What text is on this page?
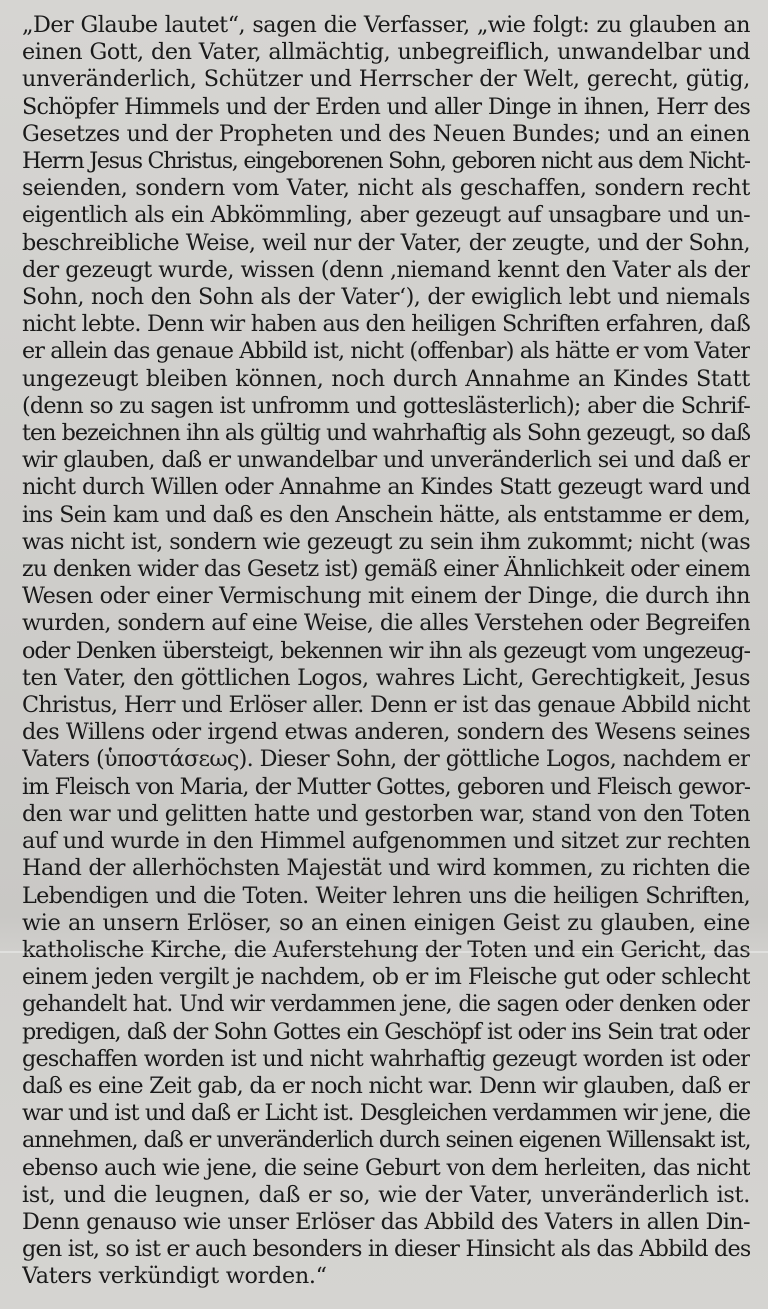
„Der Glaube lautet“, sagen die Verfasser, „wie folgt: zu glauben an
einen Gott, den Vater, allmächtig, unbegreiflich, unwandelbar und
unveränderlich, Schützer und Herrscher der Welt, gerecht, gütig,
Schöpfer Himmels und der Erden und aller Dinge in ihnen, Herr des
Gesetzes und der Propheten und des Neuen Bundes; und an einen
Herrn Jesus Christus, eingeborenen Sohn, geboren nicht aus dem Nicht-
seienden, sondern vom Vater, nicht als geschaffen, sondern recht
eigentlich als ein Abkömmling, aber gezeugt auf unsagbare und un-
beschreibliche Weise, weil nur der Vater, der zeugte, und der Sohn,
der gezeugt wurde, wissen (denn ‚niemand kennt den Vater als der
Sohn, noch den Sohn als der Vater‘), der ewiglich lebt und niemals
nicht lebte. Denn wir haben aus den heiligen Schriften erfahren, daß
er allein das genaue Abbild ist, nicht (offenbar) als hätte er vom Vater
ungezeugt bleiben können, noch durch Annahme an Kindes Statt
(denn so zu sagen ist unfromm und gotteslästerlich); aber die Schrif-
ten bezeichnen ihn als gültig und wahrhaftig als Sohn gezeugt, so daß
wir glauben, daß er unwandelbar und unveränderlich sei und daß er
nicht durch Willen oder Annahme an Kindes Statt gezeugt ward und
ins Sein kam und daß es den Anschein hätte, als entstamme er dem,
was nicht ist, sondern wie gezeugt zu sein ihm zukommt; nicht (was
zu denken wider das Gesetz ist) gemäß einer Ähnlichkeit oder einem
Wesen oder einer Vermischung mit einem der Dinge, die durch ihn
wurden, sondern auf eine Weise, die alles Verstehen oder Begreifen
oder Denken übersteigt, bekennen wir ihn als gezeugt vom ungezeug-
ten Vater, den göttlichen Logos, wahres Licht, Gerechtigkeit, Jesus
Christus, Herr und Erlöser aller. Denn er ist das genaue Abbild nicht
des Willens oder irgend etwas anderen, sondern des Wesens seines
Vaters (ὑποστάσεως). Dieser Sohn, der göttliche Logos, nachdem er
im Fleisch von Maria, der Mutter Gottes, geboren und Fleisch gewor-
den war und gelitten hatte und gestorben war, stand von den Toten
auf und wurde in den Himmel aufgenommen und sitzet zur rechten
Hand der allerhöchsten Majestät und wird kommen, zu richten die
Lebendigen und die Toten. Weiter lehren uns die heiligen Schriften,
wie an unsern Erlöser, so an einen einigen Geist zu glauben, eine
katholische Kirche, die Auferstehung der Toten und ein Gericht, das
einem jeden vergilt je nachdem, ob er im Fleische gut oder schlecht
gehandelt hat. Und wir verdammen jene, die sagen oder denken oder
predigen, daß der Sohn Gottes ein Geschöpf ist oder ins Sein trat oder
geschaffen worden ist und nicht wahrhaftig gezeugt worden ist oder
daß es eine Zeit gab, da er noch nicht war. Denn wir glauben, daß er
war und ist und daß er Licht ist. Desgleichen verdammen wir jene, die
annehmen, daß er unveränderlich durch seinen eigenen Willensakt ist,
ebenso auch wie jene, die seine Geburt von dem herleiten, das nicht
ist, und die leugnen, daß er so, wie der Vater, unveränderlich ist.
Denn genauso wie unser Erlöser das Abbild des Vaters in allen Din-
gen ist, so ist er auch besonders in dieser Hinsicht als das Abbild des
Vaters verkündigt worden.“
